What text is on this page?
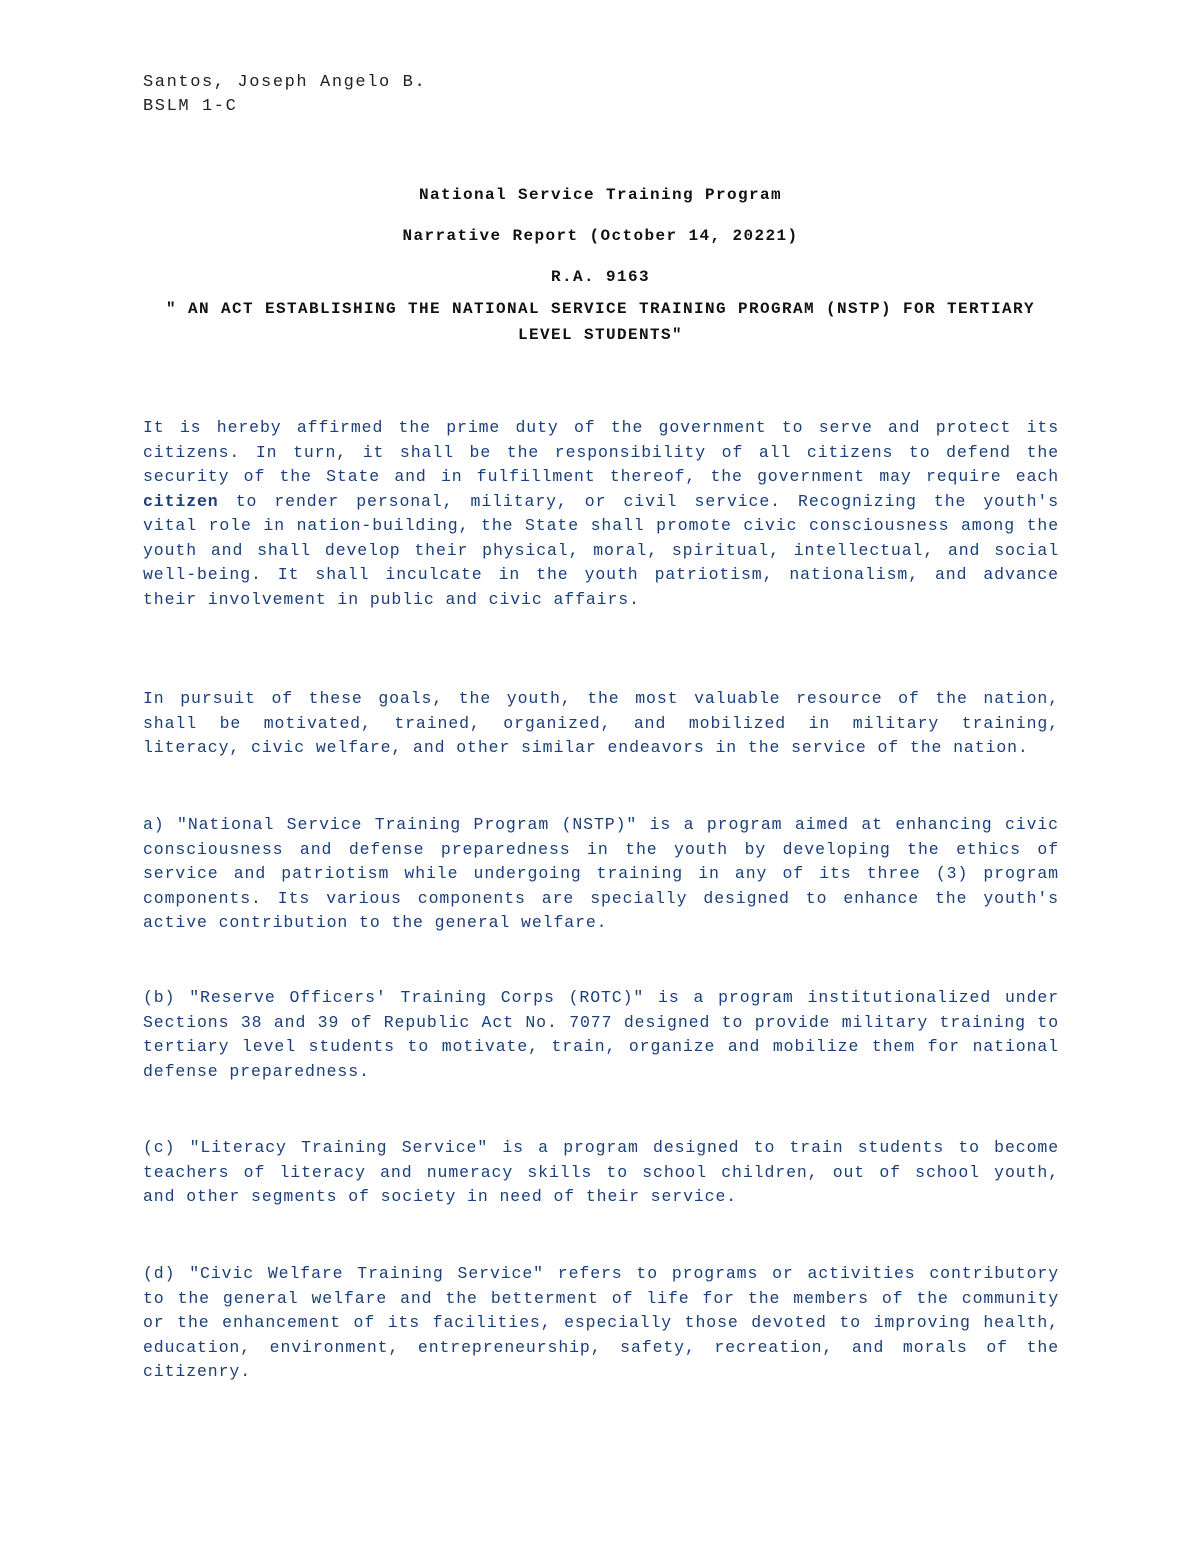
Santos, Joseph Angelo B.
BSLM 1-C
National Service Training Program
Narrative Report (October 14, 20221)
R.A. 9163
" AN ACT ESTABLISHING THE NATIONAL SERVICE TRAINING PROGRAM (NSTP) FOR TERTIARY LEVEL STUDENTS"

It is hereby affirmed the prime duty of the government to serve and protect its citizens. In turn, it shall be the responsibility of all citizens to defend the security of the State and in fulfillment thereof, the government may require each citizen to render personal, military, or civil service. Recognizing the youth's vital role in nation-building, the State shall promote civic consciousness among the youth and shall develop their physical, moral, spiritual, intellectual, and social well-being. It shall inculcate in the youth patriotism, nationalism, and advance their involvement in public and civic affairs.

In pursuit of these goals, the youth, the most valuable resource of the nation, shall be motivated, trained, organized, and mobilized in military training, literacy, civic welfare, and other similar endeavors in the service of the nation.

a) "National Service Training Program (NSTP)" is a program aimed at enhancing civic consciousness and defense preparedness in the youth by developing the ethics of service and patriotism while undergoing training in any of its three (3) program components. Its various components are specially designed to enhance the youth's active contribution to the general welfare.

(b) "Reserve Officers' Training Corps (ROTC)" is a program institutionalized under Sections 38 and 39 of Republic Act No. 7077 designed to provide military training to tertiary level students to motivate, train, organize and mobilize them for national defense preparedness.

(c) "Literacy Training Service" is a program designed to train students to become teachers of literacy and numeracy skills to school children, out of school youth, and other segments of society in need of their service.

(d) "Civic Welfare Training Service" refers to programs or activities contributory to the general welfare and the betterment of life for the members of the community or the enhancement of its facilities, especially those devoted to improving health, education, environment, entrepreneurship, safety, recreation, and morals of the citizenry.
